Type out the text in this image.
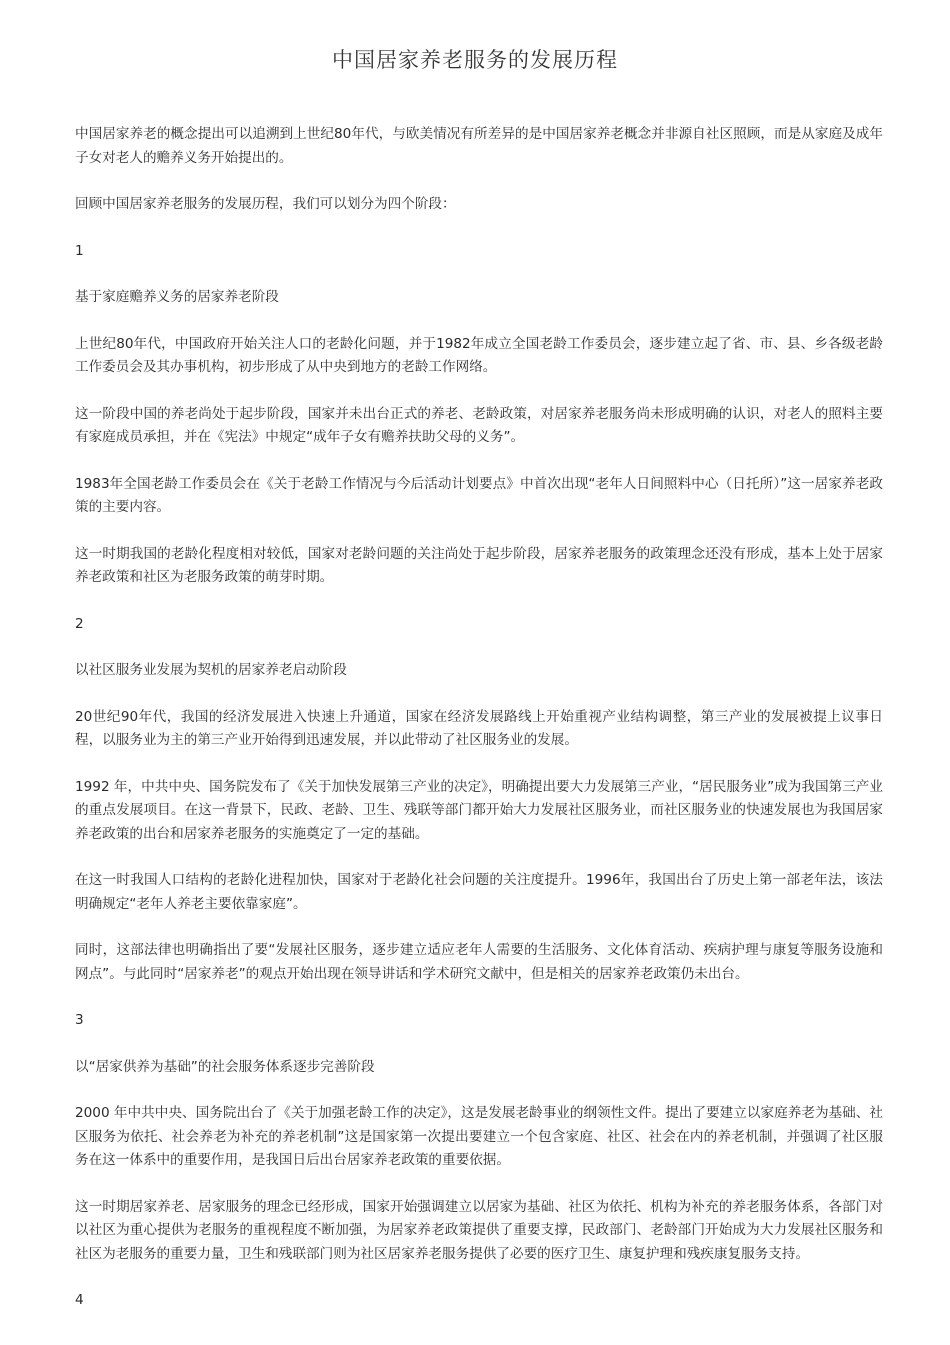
中国居家养老服务的发展历程

中国居家养老的概念提出可以追溯到上世纪80年代，与欧美情况有所差异的是中国居家养老概念并非源自社区照顾，而是从家庭及成年子女对老人的赡养义务开始提出的。

回顾中国居家养老服务的发展历程，我们可以划分为四个阶段：

1

基于家庭赡养义务的居家养老阶段

上世纪80年代，中国政府开始关注人口的老龄化问题，并于1982年成立全国老龄工作委员会，逐步建立起了省、市、县、乡各级老龄工作委员会及其办事机构，初步形成了从中央到地方的老龄工作网络。

这一阶段中国的养老尚处于起步阶段，国家并未出台正式的养老、老龄政策，对居家养老服务尚未形成明确的认识，对老人的照料主要有家庭成员承担，并在《宪法》中规定“成年子女有赡养扶助父母的义务”。

1983年全国老龄工作委员会在《关于老龄工作情况与今后活动计划要点》中首次出现“老年人日间照料中心（日托所）”这一居家养老政策的主要内容。

这一时期我国的老龄化程度相对较低，国家对老龄问题的关注尚处于起步阶段，居家养老服务的政策理念还没有形成，基本上处于居家养老政策和社区为老服务政策的萌芽时期。

2

以社区服务业发展为契机的居家养老启动阶段

20世纪90年代，我国的经济发展进入快速上升通道，国家在经济发展路线上开始重视产业结构调整，第三产业的发展被提上议事日程，以服务业为主的第三产业开始得到迅速发展，并以此带动了社区服务业的发展。

1992 年，中共中央、国务院发布了《关于加快发展第三产业的决定》，明确提出要大力发展第三产业，“居民服务业”成为我国第三产业的重点发展项目。在这一背景下，民政、老龄、卫生、残联等部门都开始大力发展社区服务业，而社区服务业的快速发展也为我国居家养老政策的出台和居家养老服务的实施奠定了一定的基础。

在这一时我国人口结构的老龄化进程加快，国家对于老龄化社会问题的关注度提升。1996年，我国出台了历史上第一部老年法，该法明确规定“老年人养老主要依靠家庭”。

同时，这部法律也明确指出了要“发展社区服务，逐步建立适应老年人需要的生活服务、文化体育活动、疾病护理与康复等服务设施和网点”。与此同时“居家养老”的观点开始出现在领导讲话和学术研究文献中，但是相关的居家养老政策仍未出台。

3

以“居家供养为基础”的社会服务体系逐步完善阶段

2000 年中共中央、国务院出台了《关于加强老龄工作的决定》，这是发展老龄事业的纲领性文件。提出了要建立以家庭养老为基础、社区服务为依托、社会养老为补充的养老机制”这是国家第一次提出要建立一个包含家庭、社区、社会在内的养老机制，并强调了社区服务在这一体系中的重要作用，是我国日后出台居家养老政策的重要依据。

这一时期居家养老、居家服务的理念已经形成，国家开始强调建立以居家为基础、社区为依托、机构为补充的养老服务体系，各部门对以社区为重心提供为老服务的重视程度不断加强，为居家养老政策提供了重要支撑，民政部门、老龄部门开始成为大力发展社区服务和社区为老服务的重要力量，卫生和残联部门则为社区居家养老服务提供了必要的医疗卫生、康复护理和残疾康复服务支持。

4
